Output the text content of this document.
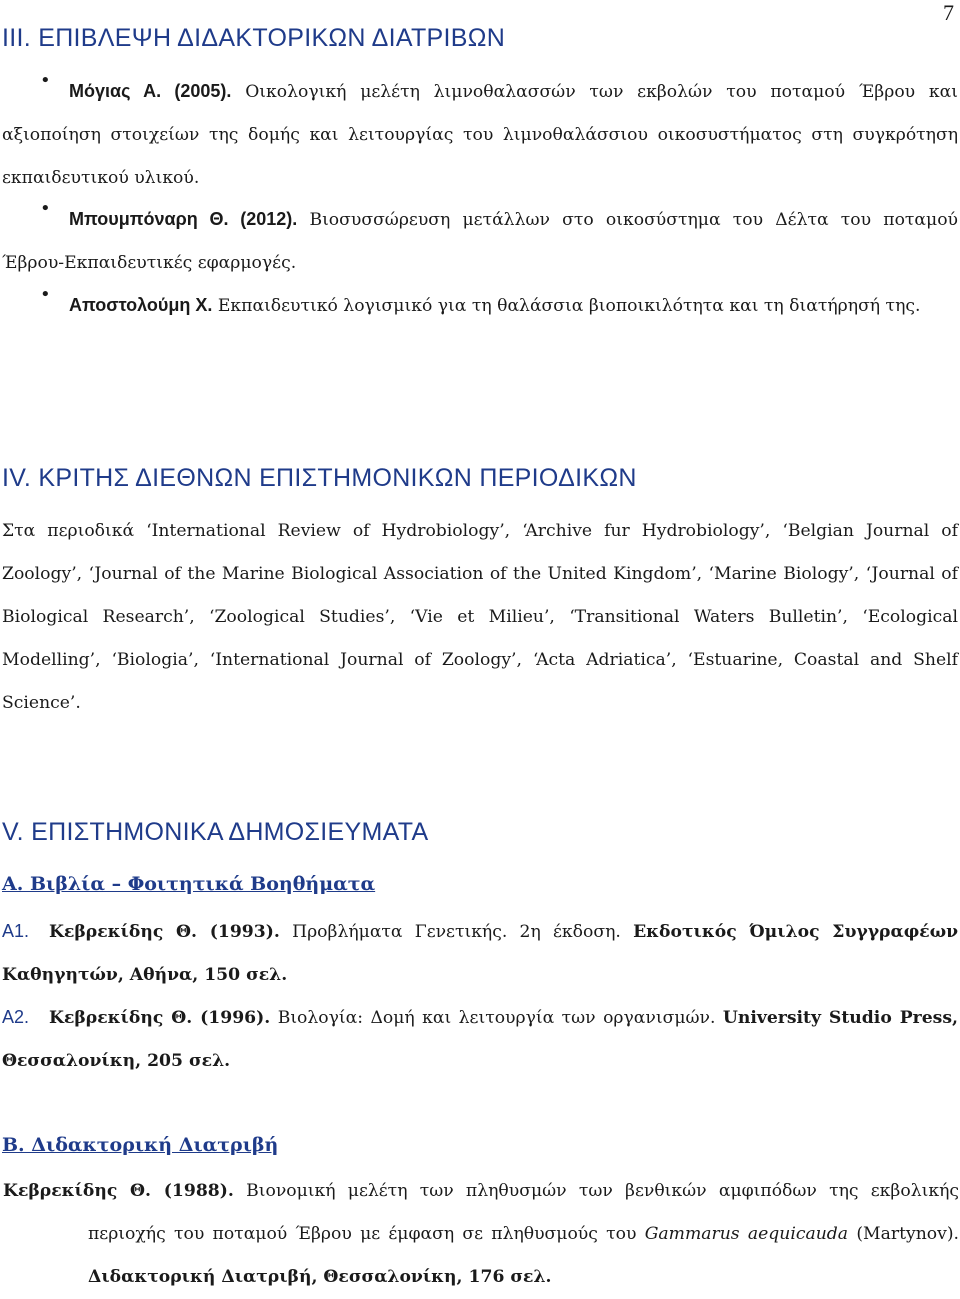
7
III. ΕΠΙΒΛΕΨΗ ΔΙΔΑΚΤΟΡΙΚΩΝ ΔΙΑΤΡΙΒΩΝ
•	Μόγιας Α. (2005). Οικολογική μελέτη λιμνοθαλασσών των εκβολών του ποταμού Έβρου και αξιοποίηση στοιχείων της δομής και λειτουργίας του λιμνοθαλάσσιου οικοσυστήματος στη συγκρότηση εκπαιδευτικού υλικού.

•	Μπουμπόναρη Θ. (2012). Βιοσυσσώρευση μετάλλων στο οικοσύστημα του Δέλτα του ποταμού Έβρου-Εκπαιδευτικές εφαρμογές.

•	Αποστολούμη Χ. Εκπαιδευτικό λογισμικό για τη θαλάσσια βιοποικιλότητα και τη διατήρησή της.

IV. ΚΡΙΤΗΣ ΔΙΕΘΝΩΝ ΕΠΙΣΤΗΜΟΝΙΚΩΝ ΠΕΡΙΟΔΙΚΩΝ

Στα περιοδικά ‘International Review of Hydrobiology’, ‘Archive fur Hydrobiology’, ‘Belgian Journal of Zoology’, ‘Journal of the Marine Biological Association of the United Kingdom’, ‘Marine Biology’, ‘Journal of Biological Research’, ‘Zoological Studies’, ‘Vie et Milieu’, ‘Transitional Waters Bulletin’, ‘Ecological Modelling’, ‘Biologia’, ‘International Journal of Zoology’, ‘Acta Adriatica’, ‘Estuarine, Coastal and Shelf Science’.

V. ΕΠΙΣΤΗΜΟΝΙΚΑ ΔΗΜΟΣΙΕΥΜΑΤΑ
Α. Βιβλία – Φοιτητικά Βοηθήματα

Α1. Κεβρεκίδης Θ. (1993). Προβλήματα Γενετικής. 2η έκδοση. Εκδοτικός Όμιλος Συγγραφέων Καθηγητών, Αθήνα, 150 σελ.

Α2. Κεβρεκίδης Θ. (1996). Βιολογία: Δομή και λειτουργία των οργανισμών. University Studio Press, Θεσσαλονίκη, 205 σελ.

Β. Διδακτορική Διατριβή

Κεβρεκίδης Θ. (1988). Βιονομική μελέτη των πληθυσμών των βενθικών αμφιπόδων της εκβολικής περιοχής του ποταμού Έβρου με έμφαση σε πληθυσμούς του Gammarus aequicauda (Martynov). Διδακτορική Διατριβή, Θεσσαλονίκη, 176 σελ.
